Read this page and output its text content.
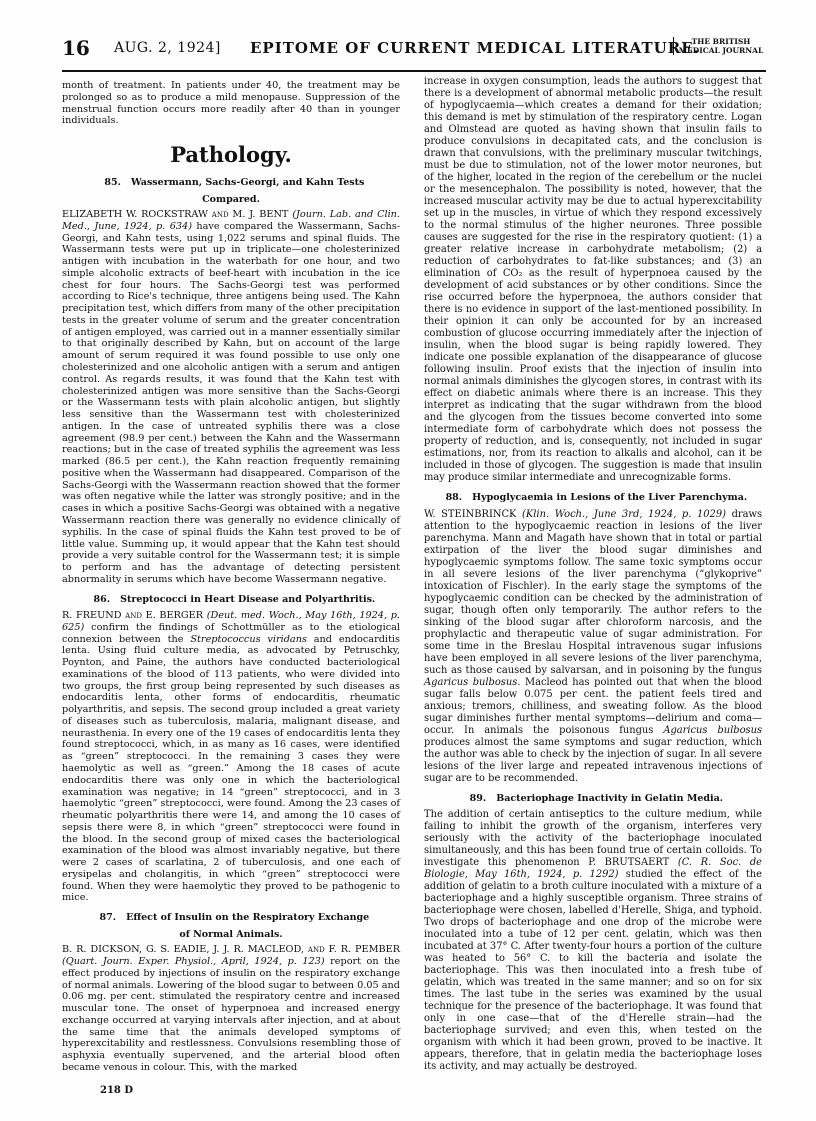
16 AUG. 2, 1924] EPITOME OF CURRENT MEDICAL LITERATURE.
THE BRITISH
MEDICAL JOURNAL

month of treatment. In patients under 40, the treatment may be prolonged so as to produce a mild menopause. Suppression of the menstrual function occurs more readily after 40 than in younger individuals.

Pathology.
85. Wassermann, Sachs-Georgi, and Kahn Tests
Compared.

ELIZABETH W. ROCKSTRAW and M. J. BENT (Journ. Lab. and Clin. Med., June, 1924, p. 634) have compared the Wassermann, Sachs-Georgi, and Kahn tests, using 1,022 serums and spinal fluids. The Wassermann tests were put up in triplicate—one cholesterinized antigen with incubation in the waterbath for one hour, and two simple alcoholic extracts of beef-heart with incubation in the ice chest for four hours. The Sachs-Georgi test was performed according to Rice's technique, three antigens being used. The Kahn precipitation test, which differs from many of the other precipitation tests in the greater volume of serum and the greater concentration of antigen employed, was carried out in a manner essentially similar to that originally described by Kahn, but on account of the large amount of serum required it was found possible to use only one cholesterinized and one alcoholic antigen with a serum and antigen control. As regards results, it was found that the Kahn test with cholesterinized antigen was more sensitive than the Sachs-Georgi or the Wassermann tests with plain alcoholic antigen, but slightly less sensitive than the Wassermann test with cholesterinized antigen. In the case of untreated syphilis there was a close agreement (98.9 per cent.) between the Kahn and the Wassermann reactions; but in the case of treated syphilis the agreement was less marked (86.5 per cent.), the Kahn reaction frequently remaining positive when the Wassermann had disappeared. Comparison of the Sachs-Georgi with the Wassermann reaction showed that the former was often negative while the latter was strongly positive; and in the cases in which a positive Sachs-Georgi was obtained with a negative Wassermann reaction there was generally no evidence clinically of syphilis. In the case of spinal fluids the Kahn test proved to be of little value. Summing up, it would appear that the Kahn test should provide a very suitable control for the Wassermann test; it is simple to perform and has the advantage of detecting persistent abnormality in serums which have become Wassermann negative.

86. Streptococci in Heart Disease and Polyarthritis.

R. FREUND and E. BERGER (Deut. med. Woch., May 16th, 1924, p. 625) confirm the findings of Schottmüller as to the etiological connexion between the Streptococcus viridans and endocarditis lenta. Using fluid culture media, as advocated by Petruschky, Poynton, and Paine, the authors have conducted bacteriological examinations of the blood of 113 patients, who were divided into two groups, the first group being represented by such diseases as endocarditis lenta, other forms of endocarditis, rheumatic polyarthritis, and sepsis. The second group included a great variety of diseases such as tuberculosis, malaria, malignant disease, and neurasthenia. In every one of the 19 cases of endocarditis lenta they found streptococci, which, in as many as 16 cases, were identified as “green” streptococci. In the remaining 3 cases they were haemolytic as well as “green.” Among the 18 cases of acute endocarditis there was only one in which the bacteriological examination was negative; in 14 “green” streptococci, and in 3 haemolytic “green” streptococci, were found. Among the 23 cases of rheumatic polyarthritis there were 14, and among the 10 cases of sepsis there were 8, in which “green” streptococci were found in the blood. In the second group of mixed cases the bacteriological examination of the blood was almost invariably negative, but there were 2 cases of scarlatina, 2 of tuberculosis, and one each of erysipelas and cholangitis, in which “green” streptococci were found. When they were haemolytic they proved to be pathogenic to mice.

87. Effect of Insulin on the Respiratory Exchange
of Normal Animals.

B. R. DICKSON, G. S. EADIE, J. J. R. MACLEOD, and F. R. PEMBER (Quart. Journ. Exper. Physiol., April, 1924, p. 123) report on the effect produced by injections of insulin on the respiratory exchange of normal animals. Lowering of the blood sugar to between 0.05 and 0.06 mg. per cent. stimulated the respiratory centre and increased muscular tone. The onset of hyperpnoea and increased energy exchange occurred at varying intervals after injection, and at about the same time that the animals developed symptoms of hyperexcitability and restlessness. Convulsions resembling those of asphyxia eventually supervened, and the arterial blood often became venous in colour. This, with the marked

218 D

increase in oxygen consumption, leads the authors to suggest that there is a development of abnormal metabolic products—the result of hypoglycaemia—which creates a demand for their oxidation; this demand is met by stimulation of the respiratory centre. Logan and Olmstead are quoted as having shown that insulin fails to produce convulsions in decapitated cats, and the conclusion is drawn that convulsions, with the preliminary muscular twitchings, must be due to stimulation, not of the lower motor neurones, but of the higher, located in the region of the cerebellum or the nuclei or the mesencephalon. The possibility is noted, however, that the increased muscular activity may be due to actual hyperexcitability set up in the muscles, in virtue of which they respond excessively to the normal stimulus of the higher neurones. Three possible causes are suggested for the rise in the respiratory quotient: (1) a greater relative increase in carbohydrate metabolism; (2) a reduction of carbohydrates to fat-like substances; and (3) an elimination of CO₂ as the result of hyperpnoea caused by the development of acid substances or by other conditions. Since the rise occurred before the hyperpnoea, the authors consider that there is no evidence in support of the last-mentioned possibility. In their opinion it can only be accounted for by an increased combustion of glucose occurring immediately after the injection of insulin, when the blood sugar is being rapidly lowered. They indicate one possible explanation of the disappearance of glucose following insulin. Proof exists that the injection of insulin into normal animals diminishes the glycogen stores, in contrast with its effect on diabetic animals where there is an increase. This they interpret as indicating that the sugar withdrawn from the blood and the glycogen from the tissues become converted into some intermediate form of carbohydrate which does not possess the property of reduction, and is, consequently, not included in sugar estimations, nor, from its reaction to alkalis and alcohol, can it be included in those of glycogen. The suggestion is made that insulin may produce similar intermediate and unrecognizable forms.

88. Hypoglycaemia in Lesions of the Liver Parenchyma.

W. STEINBRINCK (Klin. Woch., June 3rd, 1924, p. 1029) draws attention to the hypoglycaemic reaction in lesions of the liver parenchyma. Mann and Magath have shown that in total or partial extirpation of the liver the blood sugar diminishes and hypoglycaemic symptoms follow. The same toxic symptoms occur in all severe lesions of the liver parenchyma (“glykoprive” intoxication of Fischler). In the early stage the symptoms of the hypoglycaemic condition can be checked by the administration of sugar, though often only temporarily. The author refers to the sinking of the blood sugar after chloroform narcosis, and the prophylactic and therapeutic value of sugar administration. For some time in the Breslau Hospital intravenous sugar infusions have been employed in all severe lesions of the liver parenchyma, such as those caused by salvarsan, and in poisoning by the fungus Agaricus bulbosus. Macleod has pointed out that when the blood sugar falls below 0.075 per cent. the patient feels tired and anxious; tremors, chilliness, and sweating follow. As the blood sugar diminishes further mental symptoms—delirium and coma—occur. In animals the poisonous fungus Agaricus bulbosus produces almost the same symptoms and sugar reduction, which the author was able to check by the injection of sugar. In all severe lesions of the liver large and repeated intravenous injections of sugar are to be recommended.

89. Bacteriophage Inactivity in Gelatin Media.

The addition of certain antiseptics to the culture medium, while failing to inhibit the growth of the organism, interferes very seriously with the activity of the bacteriophage inoculated simultaneously, and this has been found true of certain colloids. To investigate this phenomenon P. BRUTSAERT (C. R. Soc. de Biologie, May 16th, 1924, p. 1292) studied the effect of the addition of gelatin to a broth culture inoculated with a mixture of a bacteriophage and a highly susceptible organism. Three strains of bacteriophage were chosen, labelled d'Herelle, Shiga, and typhoid. Two drops of bacteriophage and one drop of the microbe were inoculated into a tube of 12 per cent. gelatin, which was then incubated at 37° C. After twenty-four hours a portion of the culture was heated to 56° C. to kill the bacteria and isolate the bacteriophage. This was then inoculated into a fresh tube of gelatin, which was treated in the same manner; and so on for six times. The last tube in the series was examined by the usual technique for the presence of the bacteriophage. It was found that only in one case—that of the d'Herelle strain—had the bacteriophage survived; and even this, when tested on the organism with which it had been grown, proved to be inactive. It appears, therefore, that in gelatin media the bacteriophage loses its activity, and may actually be destroyed.
